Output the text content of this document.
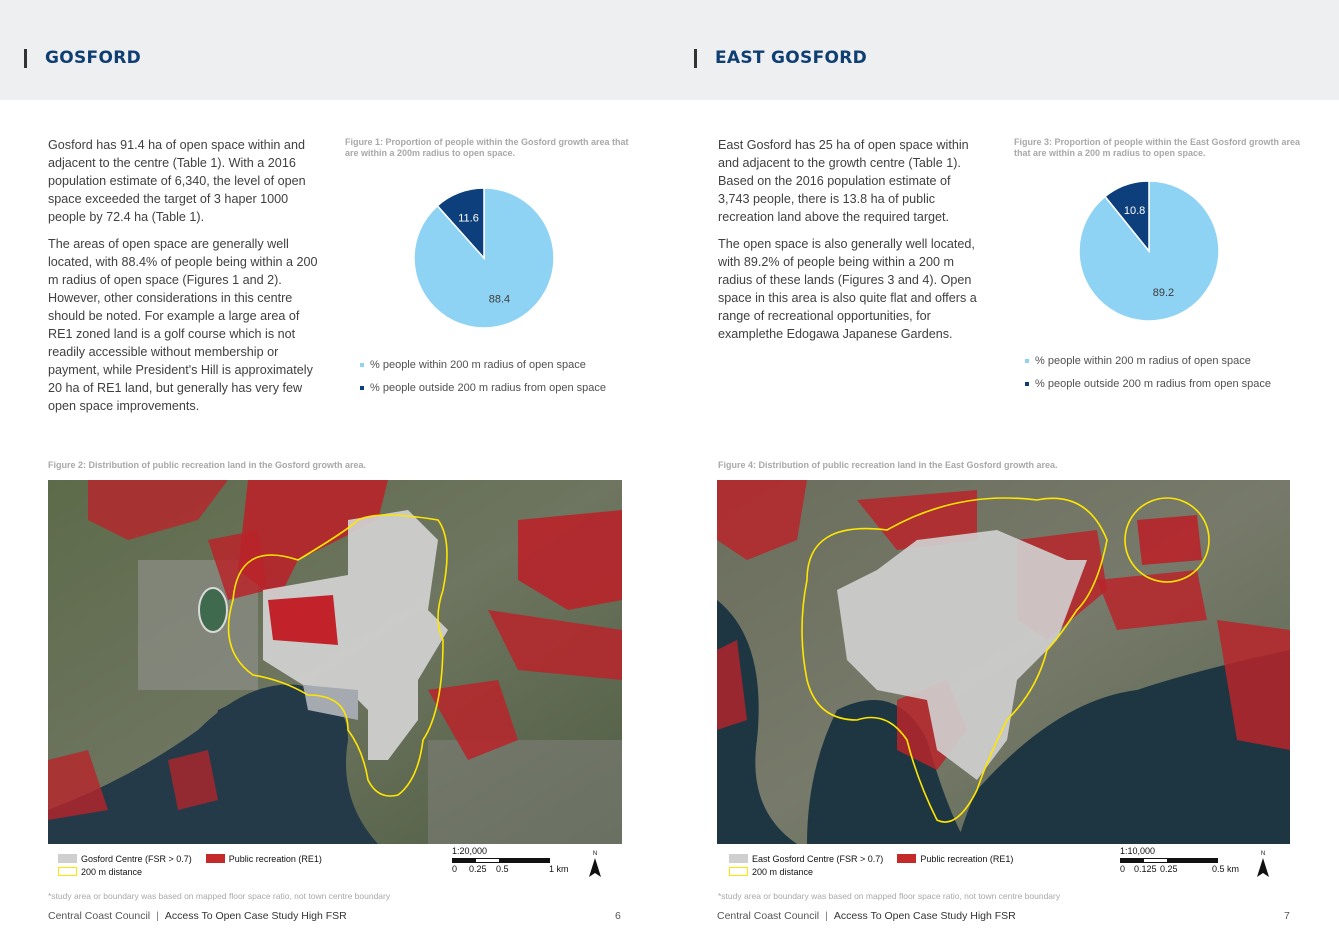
GOSFORD

Gosford has 91.4 ha of open space within and adjacent to the centre (Table 1). With a 2016 population estimate of 6,340, the level of open space exceeded the target of 3 haper 1000 people by 72.4 ha (Table 1).

The areas of open space are generally well located, with 88.4% of people being within a 200 m radius of open space (Figures 1 and 2). However, other considerations in this centre should be noted. For example a large area of RE1 zoned land is a golf course which is not readily accessible without membership or payment, while President's Hill is approximately 20 ha of RE1 land, but generally has very few open space improvements.

Figure 1: Proportion of people within the Gosford growth area that are within a 200m radius to open space.
88.4
11.6
% people within 200 m radius of open space
% people outside 200 m radius from open space
Figure 2: Distribution of public recreation land in the Gosford growth area.
Gosford Centre (FSR > 0.7)	Public recreation (RE1)
200 m distance
1:20,000
0 0.25 0.5	1 km
N
*study area or boundary was based on mapped floor space ratio, not town centre boundary
Central Coast Council | Access To Open Case Study High FSR	6
EAST GOSFORD

East Gosford has 25 ha of open space within and adjacent to the growth centre (Table 1). Based on the 2016 population estimate of 3,743 people, there is 13.8 ha of public recreation land above the required target.

The open space is also generally well located, with 89.2% of people being within a 200 m radius of these lands (Figures 3 and 4). Open space in this area is also quite flat and offers a range of recreational opportunities, for examplethe Edogawa Japanese Gardens.

Figure 3: Proportion of people within the East Gosford growth area that are within a 200 m radius to open space.
89.2
10.8
% people within 200 m radius of open space
% people outside 200 m radius from open space
Figure 4: Distribution of public recreation land in the East Gosford growth area.
East Gosford Centre (FSR > 0.7)	Public recreation (RE1)
200 m distance
1:10,000
0 0.125 0.25	0.5 km
N
*study area or boundary was based on mapped floor space ratio, not town centre boundary
Central Coast Council | Access To Open Case Study High FSR	7
